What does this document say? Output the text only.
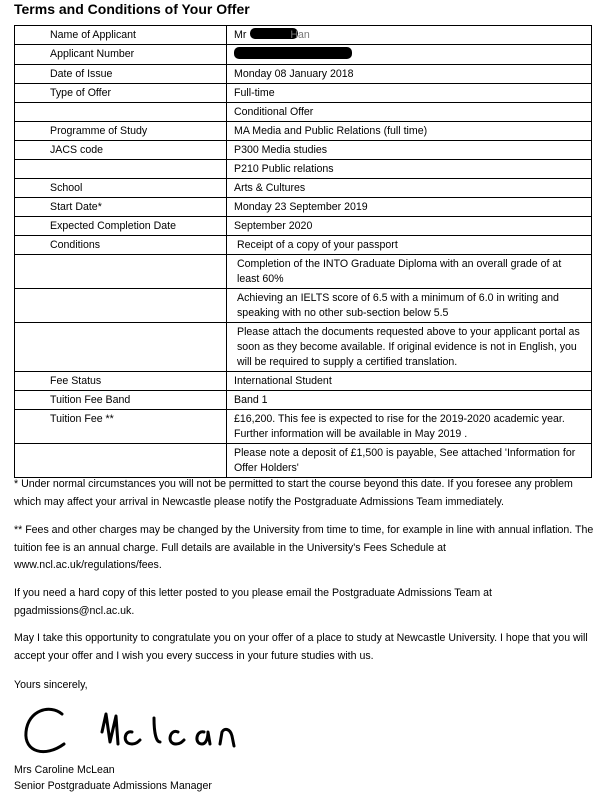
Terms and Conditions of Your Offer
Name of Applicant	Mr Han
Applicant Number	
Date of Issue	Monday 08 January 2018
Type of Offer	Full-time
	Conditional Offer
Programme of Study	MA Media and Public Relations (full time)
JACS code	P300 Media studies
	P210 Public relations
School	Arts & Cultures
Start Date*	Monday 23 September 2019
Expected Completion Date	September 2020
Conditions	Receipt of a copy of your passport
	Completion of the INTO Graduate Diploma with an overall grade of at least 60%
	Achieving an IELTS score of 6.5 with a minimum of 6.0 in writing and speaking with no other sub-section below 5.5
	Please attach the documents requested above to your applicant portal as soon as they become available. If original evidence is not in English, you will be required to supply a certified translation.
Fee Status	International Student
Tuition Fee Band	Band 1
Tuition Fee **	£16,200. This fee is expected to rise for the 2019-2020 academic year. Further information will be available in May 2019 .
	Please note a deposit of £1,500 is payable, See attached 'Information for Offer Holders'

* Under normal circumstances you will not be permitted to start the course beyond this date. If you foresee any problem which may affect your arrival in Newcastle please notify the Postgraduate Admissions Team immediately.

** Fees and other charges may be changed by the University from time to time, for example in line with annual inflation. The tuition fee is an annual charge. Full details are available in the University's Fees Schedule at www.ncl.ac.uk/regulations/fees.

If you need a hard copy of this letter posted to you please email the Postgraduate Admissions Team at pgadmissions@ncl.ac.uk.

May I take this opportunity to congratulate you on your offer of a place to study at Newcastle University. I hope that you will accept your offer and I wish you every success in your future studies with us.

Yours sincerely,

Mrs Caroline McLean

Senior Postgraduate Admissions Manager
